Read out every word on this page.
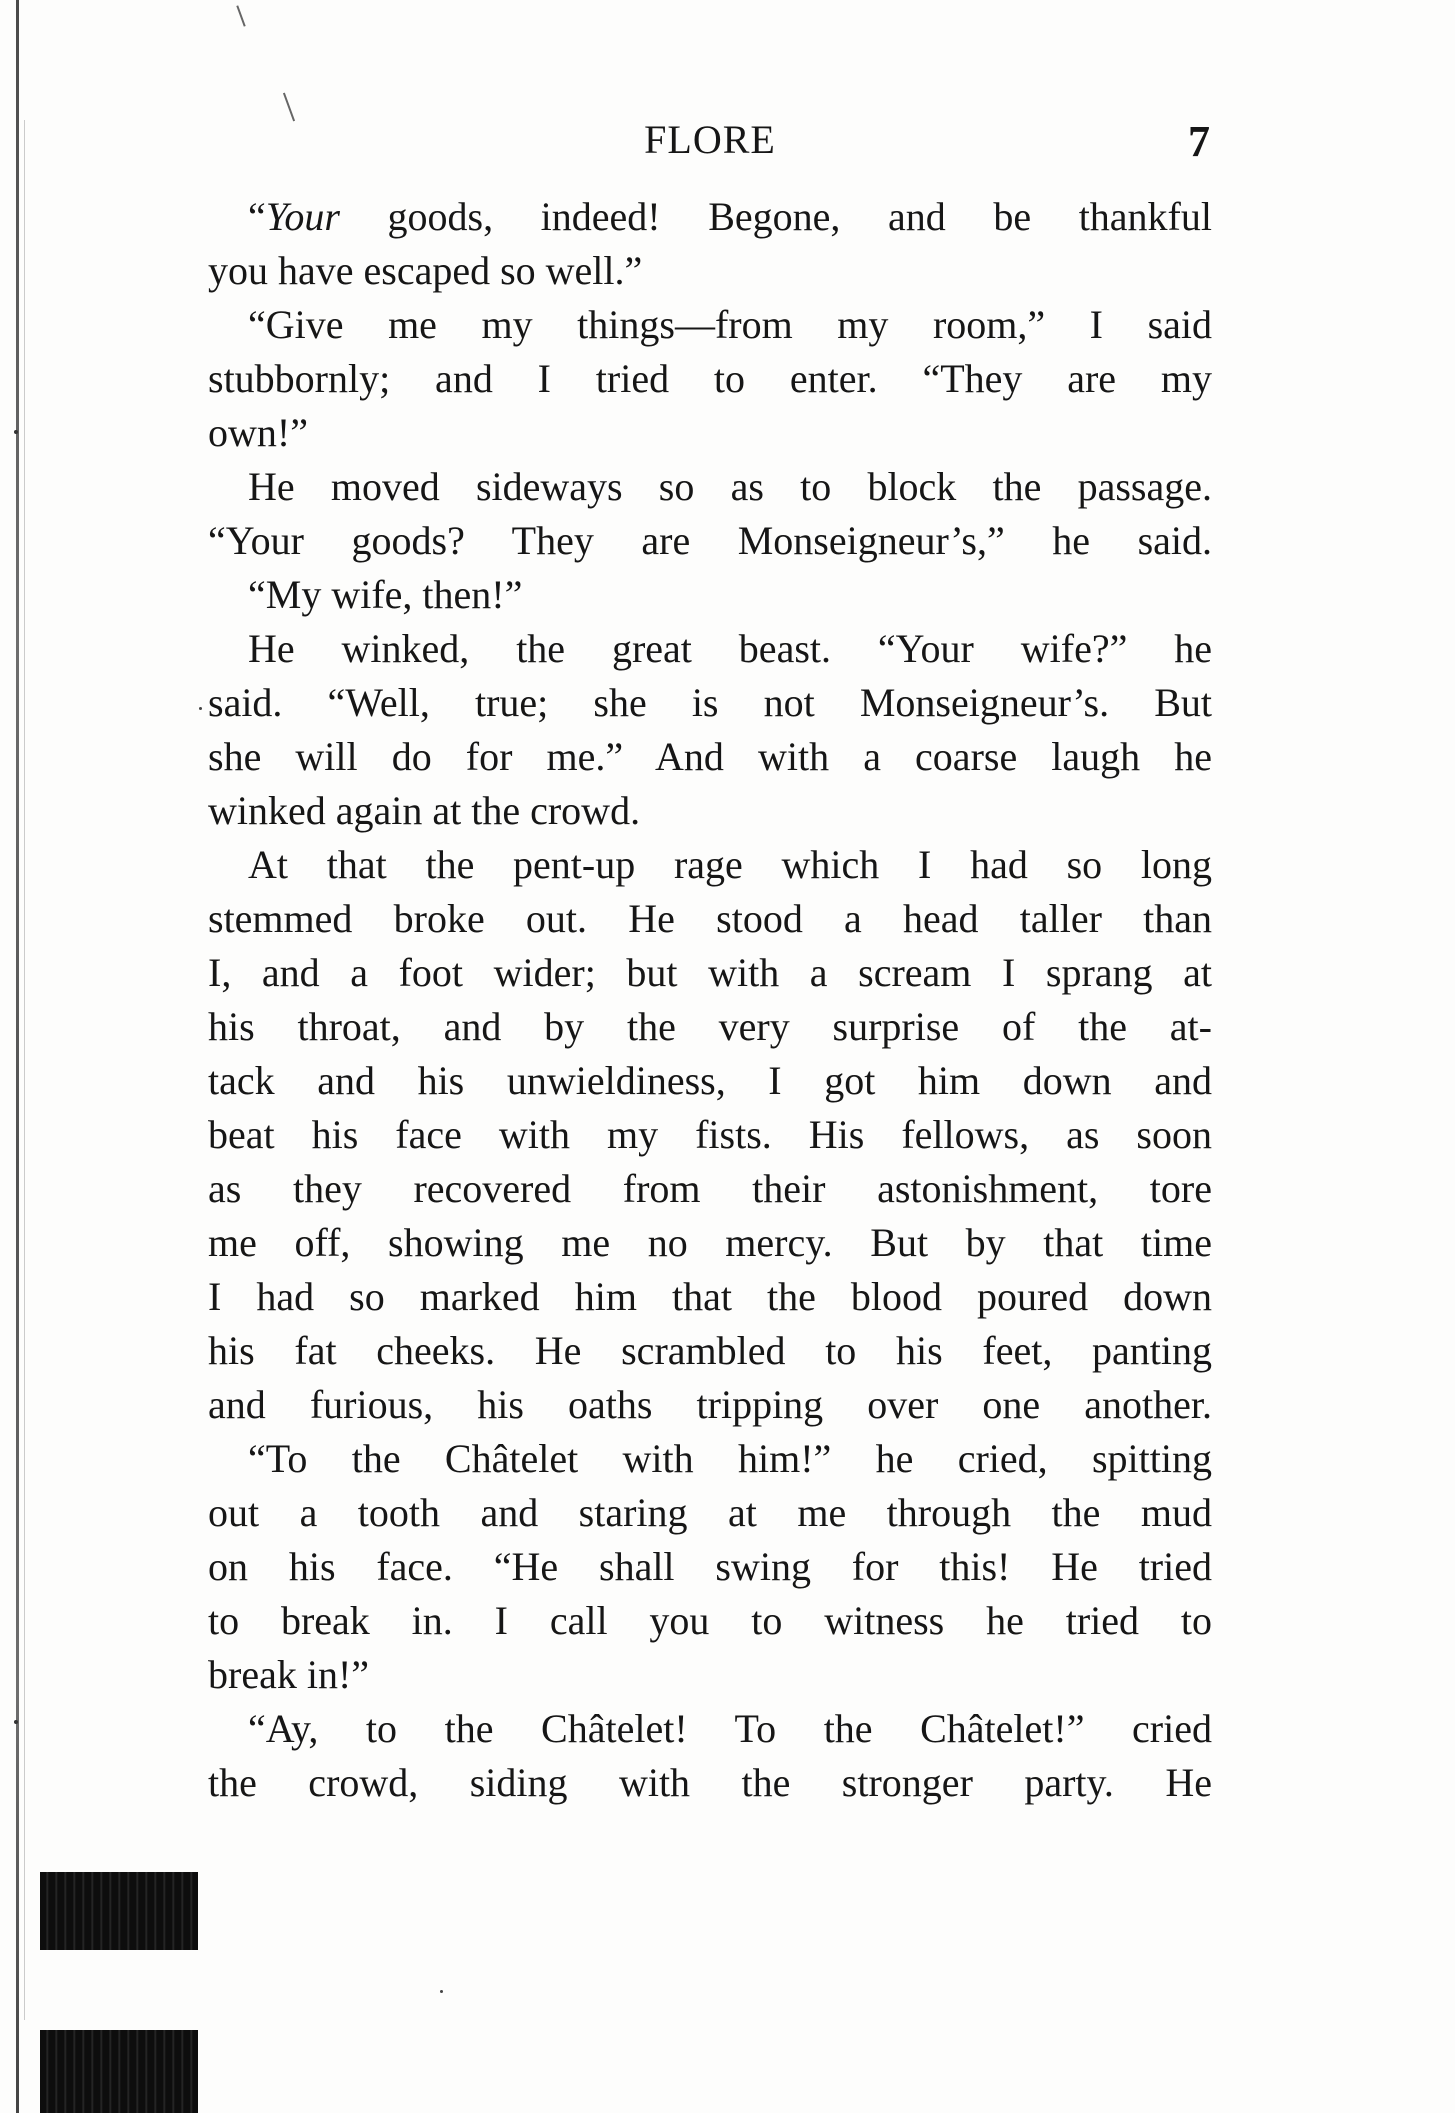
FLORE	7
“Your goods, indeed! Begone, and be thankful
you have escaped so well.”
“Give me my things—from my room,” I said
stubbornly; and I tried to enter. “They are my
own!”
He moved sideways so as to block the passage.
“Your goods? They are Monseigneur’s,” he said.
“My wife, then!”
He winked, the great beast. “Your wife?” he
said. “Well, true; she is not Monseigneur’s. But
she will do for me.” And with a coarse laugh he
winked again at the crowd.
At that the pent-up rage which I had so long
stemmed broke out. He stood a head taller than
I, and a foot wider; but with a scream I sprang at
his throat, and by the very surprise of the at-
tack and his unwieldiness, I got him down and
beat his face with my fists. His fellows, as soon
as they recovered from their astonishment, tore
me off, showing me no mercy. But by that time
I had so marked him that the blood poured down
his fat cheeks. He scrambled to his feet, panting
and furious, his oaths tripping over one another.
“To the Châtelet with him!” he cried, spitting
out a tooth and staring at me through the mud
on his face. “He shall swing for this! He tried
to break in. I call you to witness he tried to
break in!”
“Ay, to the Châtelet! To the Châtelet!” cried
the crowd, siding with the stronger party. He
